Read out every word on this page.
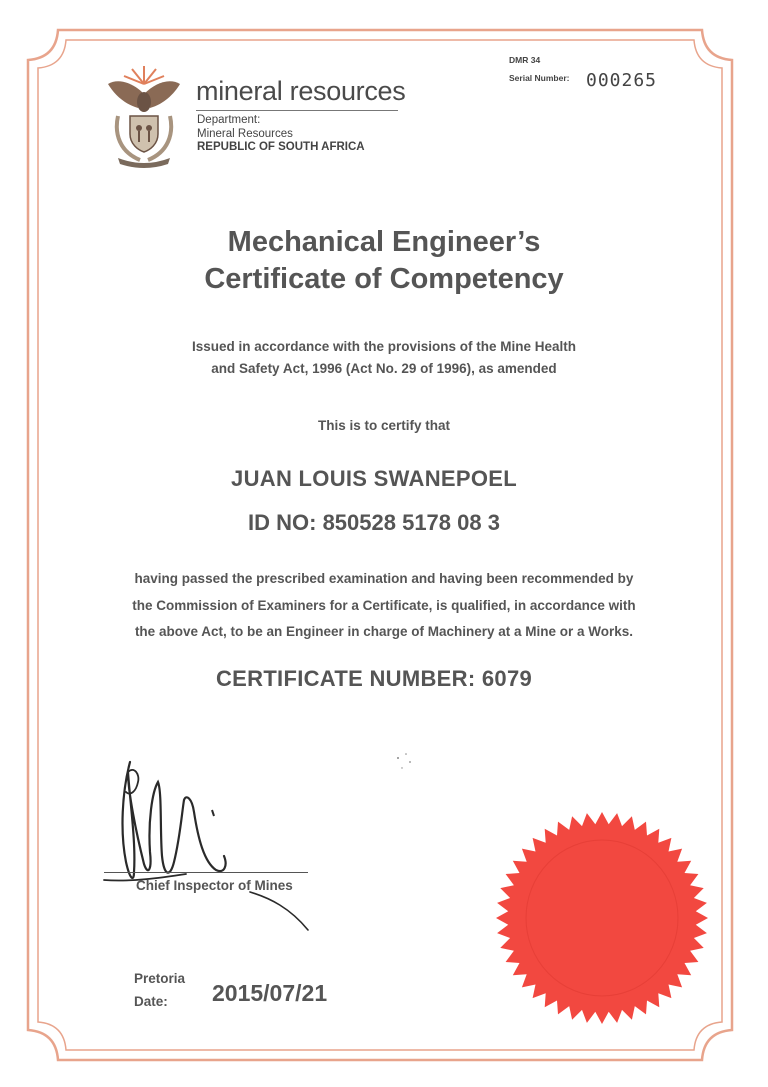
mineral resources
Department:
Mineral Resources
REPUBLIC OF SOUTH AFRICA
DMR 34
Serial Number: 000265
Mechanical Engineer’s
Certificate of Competency
Issued in accordance with the provisions of the Mine Health
and Safety Act, 1996 (Act No. 29 of 1996), as amended
This is to certify that
JUAN LOUIS SWANEPOEL
ID NO: 850528 5178 08 3
having passed the prescribed examination and having been recommended by
the Commission of Examiners for a Certificate, is qualified, in accordance with
the above Act, to be an Engineer in charge of Machinery at a Mine or a Works.
CERTIFICATE NUMBER: 6079
Chief Inspector of Mines
Pretoria
Date: 2015/07/21
